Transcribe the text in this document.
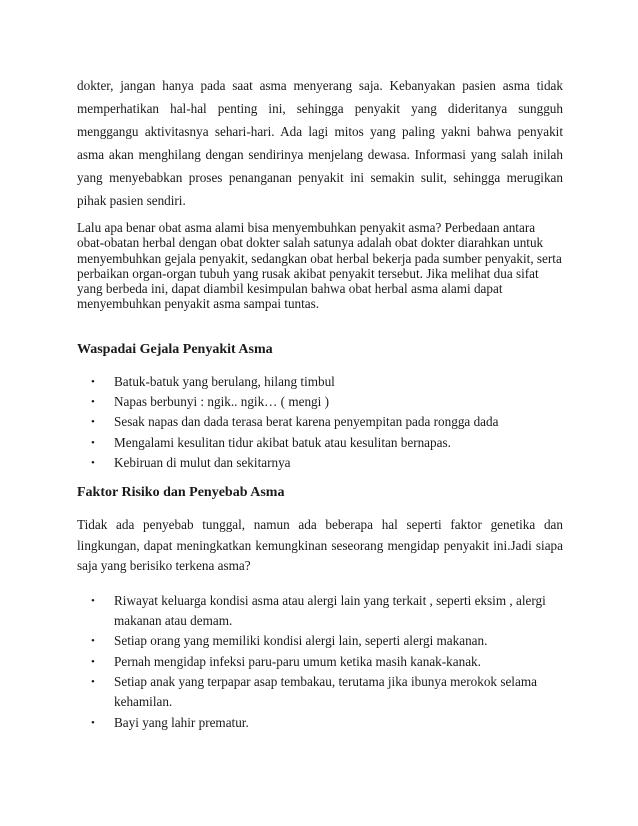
dokter, jangan hanya pada saat asma menyerang saja. Kebanyakan pasien asma tidak memperhatikan hal-hal penting ini, sehingga penyakit yang dideritanya sungguh menggangu aktivitasnya sehari-hari. Ada lagi mitos yang paling yakni bahwa penyakit asma akan menghilang dengan sendirinya menjelang dewasa. Informasi yang salah inilah yang menyebabkan proses penanganan penyakit ini semakin sulit, sehingga merugikan pihak pasien sendiri.

Lalu apa benar obat asma alami bisa menyembuhkan penyakit asma? Perbedaan antara obat-obatan herbal dengan obat dokter salah satunya adalah obat dokter diarahkan untuk menyembuhkan gejala penyakit, sedangkan obat herbal bekerja pada sumber penyakit, serta perbaikan organ-organ tubuh yang rusak akibat penyakit tersebut. Jika melihat dua sifat yang berbeda ini, dapat diambil kesimpulan bahwa obat herbal asma alami dapat menyembuhkan penyakit asma sampai tuntas.

Waspadai Gejala Penyakit Asma

• Batuk-batuk yang berulang, hilang timbul
• Napas berbunyi : ngik.. ngik… ( mengi )
• Sesak napas dan dada terasa berat karena penyempitan pada rongga dada
• Mengalami kesulitan tidur akibat batuk atau kesulitan bernapas.
• Kebiruan di mulut dan sekitarnya

Faktor Risiko dan Penyebab Asma

Tidak ada penyebab tunggal, namun ada beberapa hal seperti faktor genetika dan lingkungan, dapat meningkatkan kemungkinan seseorang mengidap penyakit ini.Jadi siapa saja yang berisiko terkena asma?

• Riwayat keluarga kondisi asma atau alergi lain yang terkait , seperti eksim , alergi makanan atau demam.
• Setiap orang yang memiliki kondisi alergi lain, seperti alergi makanan.
• Pernah mengidap infeksi paru-paru umum ketika masih kanak-kanak.
• Setiap anak yang terpapar asap tembakau, terutama jika ibunya merokok selama kehamilan.
• Bayi yang lahir prematur.
